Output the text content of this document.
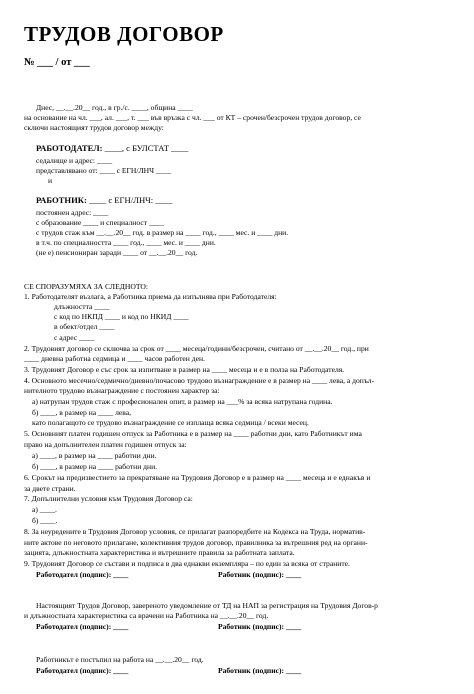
ТРУДОВ ДОГОВОР
№ ___ / от ___
Днес, __.__.20__ год., в гр./с. ____, община ____
на основание на чл. ___, ал. ___, т. ___ във връзка с чл. ___ от КТ – срочен/безсрочен трудов договор, се
сключи настоящият трудов договор между:
РАБОТОДАТЕЛ: ____, с БУЛСТАТ ____
седалище и адрес: ____
представлявано от: ____ с ЕГН/ЛНЧ ____
и
РАБОТНИК: ____ с ЕГН/ЛНЧ: ____
постоянен адрес: ____
с образование ____ и специалност ____
с трудов стаж към __.__.20__ год. в размер на ____ год., ____ мес. и ____ дни.
в т.ч. по специалността ____ год., ____ мес. и ____ дни.
(не е) пенсиониран заради ____ от __.__.20__ год.
СЕ СПОРАЗУМЯХА ЗА СЛЕДНОТО:
1. Работодателят възлага, а Работника приема да изпълнява при Работодателя:
длъжността ____
с код по НКПД ____ и код по НКИД ____
в обект/отдел ____
с адрес ____
2. Трудовият договор се сключва за срок от ____ месеца/години/безсрочен, считано от __.__.20__ год., при
____ дневна работна седмица и ____ часов работен ден.
3. Трудовият Договор е със срок за изпитване в размер на ____ месеца и е в полза на Работодателя.
4. Основното месечно/седмично/дневно/почасово трудово възнаграждение е в размер на ____ лева, а допъл-
нителното трудово възнаграждение с постоянен характер за:
а) натрупан трудов стаж с професионален опит, в размер на ___% за всяка натрупана година.
б) ____, в размер на ____ лева,
като полагащото се трудово възнаграждение се изплаща всяка седмица / всеки месец.
5. Основният платен годишен отпуск за Работника е в размер на ____ работни дни, като Работникът има
право на допълнителен платен годишен отпуск за:
а) ____, в размер на ____ работни дни.
б) ____, в размер на ____ работни дни.
6. Срокът на предизвестието за прекратяване на Трудовия Договор е в размер на ____ месеца и е еднакъв и
за двете страни.
7. Допълнителни условия към Трудовия Договор са:
а) ____.
б) ____.
8. За неуредените в Трудовия Договор условия, се прилагат разпоредбите на Кодекса на Труда, норматив-
ните актове по неговото прилагане, колективния трудов договор, правилника за вътрешния ред на органи-
зацията, длъжностната характеристика и вътрешните правила за работната заплата.
9. Трудовият Договор се състави и подписа в два еднакви екземпляра – по един за всяка от страните.
Работодател (подпис): ____	Работник (подпис): ____
Настоящият Трудов Договор, заверенoто уведомление от ТД на НАП за регистрация на Трудовия Догов-р
и длъжностната характеристика са врачени на Работника на __.__.20__ год.
Работодател (подпис): ____	Работник (подпис): ____
Работникът е постъпил на работа на __.__.20__ год.
Работодател (подпис): ____	Работник (подпис): ____
